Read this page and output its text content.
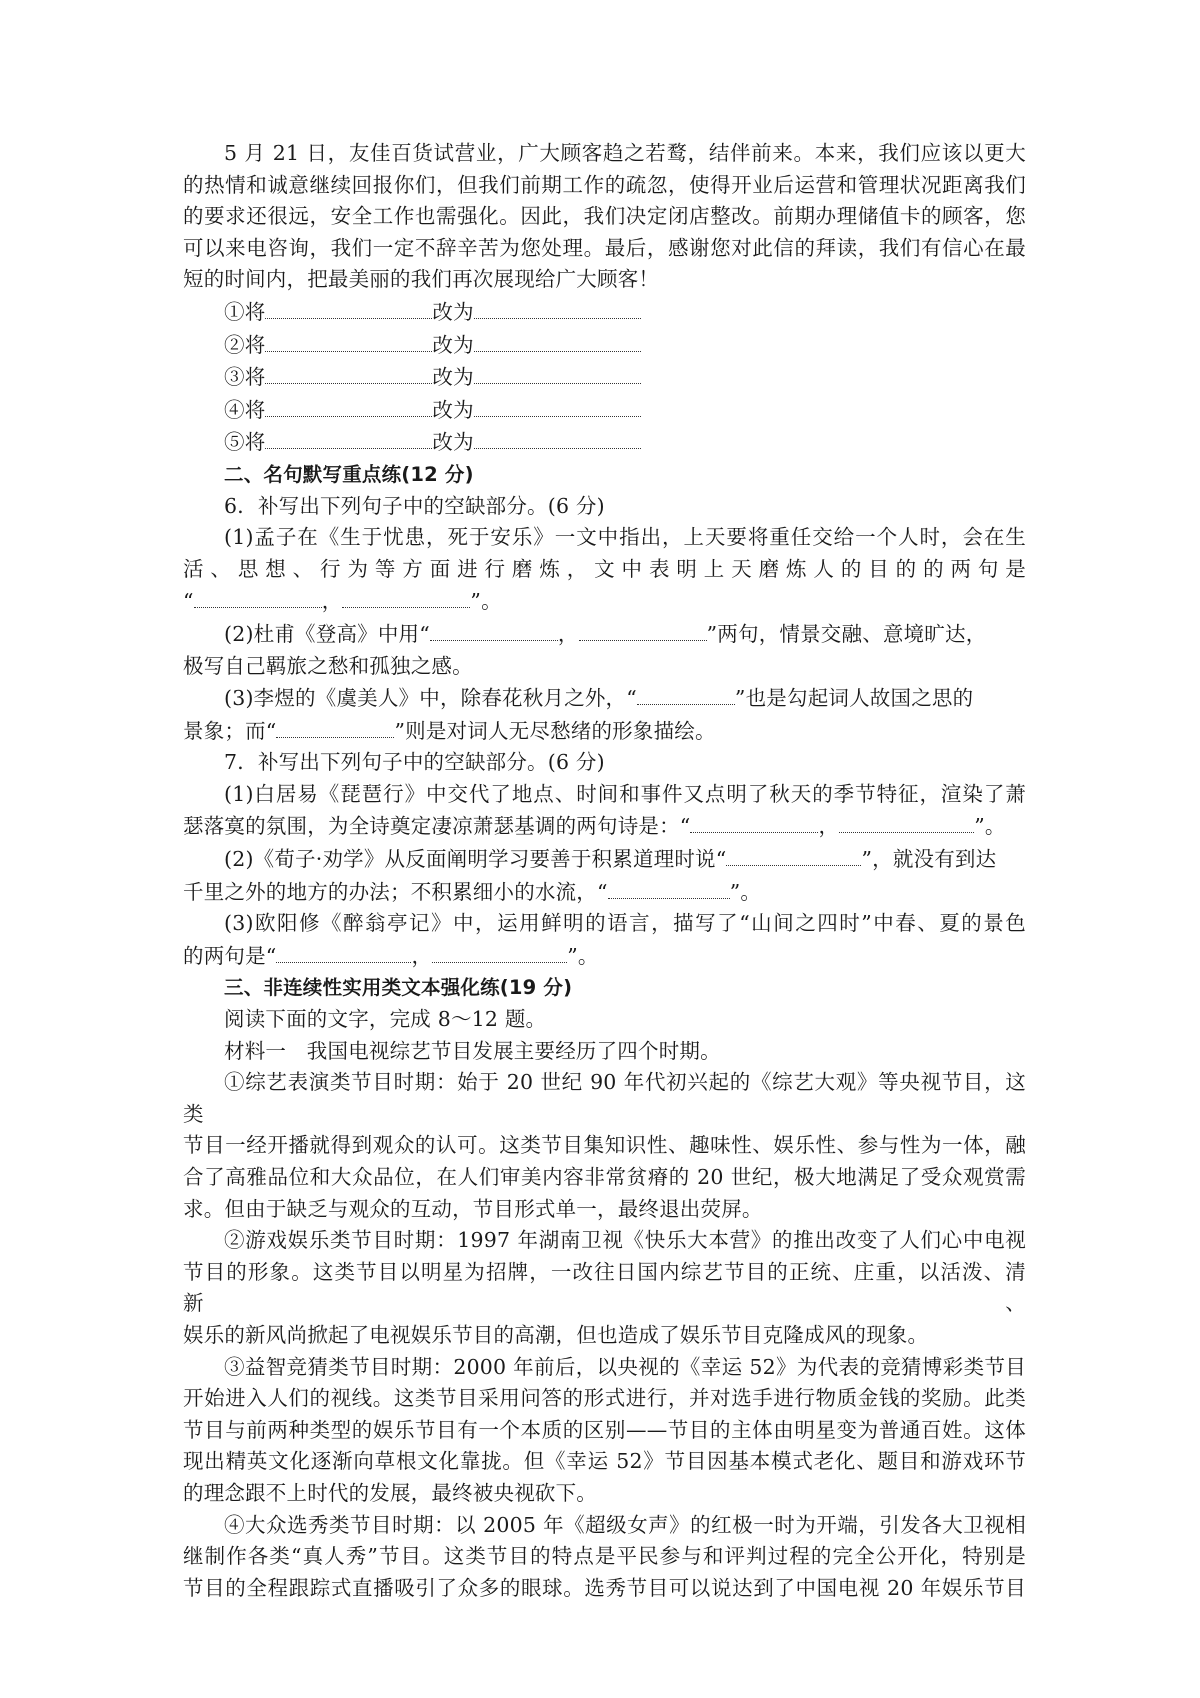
5 月 21 日，友佳百货试营业，广大顾客趋之若鹜，结伴前来。本来，我们应该以更大

的热情和诚意继续回报你们，但我们前期工作的疏忽，使得开业后运营和管理状况距离我们

的要求还很远，安全工作也需强化。因此，我们决定闭店整改。前期办理储值卡的顾客，您

可以来电咨询，我们一定不辞辛苦为您处理。最后，感谢您对此信的拜读，我们有信心在最

短的时间内，把最美丽的我们再次展现给广大顾客！

①将	改为

②将	改为

③将	改为

④将	改为

⑤将	改为

二、名句默写重点练(12 分)

6．补写出下列句子中的空缺部分。(6 分)

(1)孟子在《生于忧患，死于安乐》一文中指出，上天要将重任交给一个人时，会在生

活、思想、行为等方面进行磨炼，文中表明上天磨炼人的目的的两句是

“	，	”。

(2)杜甫《登高》中用“	，	”两句，情景交融、意境旷达，

极写自己羁旅之愁和孤独之感。

(3)李煜的《虞美人》中，除春花秋月之外，“	”也是勾起词人故国之思的

景象；而“	”则是对词人无尽愁绪的形象描绘。

7．补写出下列句子中的空缺部分。(6 分)

(1)白居易《琵琶行》中交代了地点、时间和事件又点明了秋天的季节特征，渲染了萧

瑟落寞的氛围，为全诗奠定凄凉萧瑟基调的两句诗是：“	，	”。

(2)《荀子·劝学》从反面阐明学习要善于积累道理时说“	”，就没有到达

千里之外的地方的办法；不积累细小的水流，“	”。

(3)欧阳修《醉翁亭记》中，运用鲜明的语言，描写了“山间之四时”中春、夏的景色

的两句是“	，	”。

三、非连续性实用类文本强化练(19 分)

阅读下面的文字，完成 8～12 题。

材料一　我国电视综艺节目发展主要经历了四个时期。

①综艺表演类节目时期：始于 20 世纪 90 年代初兴起的《综艺大观》等央视节目，这类

节目一经开播就得到观众的认可。这类节目集知识性、趣味性、娱乐性、参与性为一体，融

合了高雅品位和大众品位，在人们审美内容非常贫瘠的 20 世纪，极大地满足了受众观赏需

求。但由于缺乏与观众的互动，节目形式单一，最终退出荧屏。

②游戏娱乐类节目时期：1997 年湖南卫视《快乐大本营》的推出改变了人们心中电视

节目的形象。这类节目以明星为招牌，一改往日国内综艺节目的正统、庄重，以活泼、清新、

娱乐的新风尚掀起了电视娱乐节目的高潮，但也造成了娱乐节目克隆成风的现象。

③益智竞猜类节目时期：2000 年前后，以央视的《幸运 52》为代表的竞猜博彩类节目

开始进入人们的视线。这类节目采用问答的形式进行，并对选手进行物质金钱的奖励。此类

节目与前两种类型的娱乐节目有一个本质的区别——节目的主体由明星变为普通百姓。这体

现出精英文化逐渐向草根文化靠拢。但《幸运 52》节目因基本模式老化、题目和游戏环节

的理念跟不上时代的发展，最终被央视砍下。

④大众选秀类节目时期：以 2005 年《超级女声》的红极一时为开端，引发各大卫视相

继制作各类“真人秀”节目。这类节目的特点是平民参与和评判过程的完全公开化，特别是

节目的全程跟踪式直播吸引了众多的眼球。选秀节目可以说达到了中国电视 20 年娱乐节目
